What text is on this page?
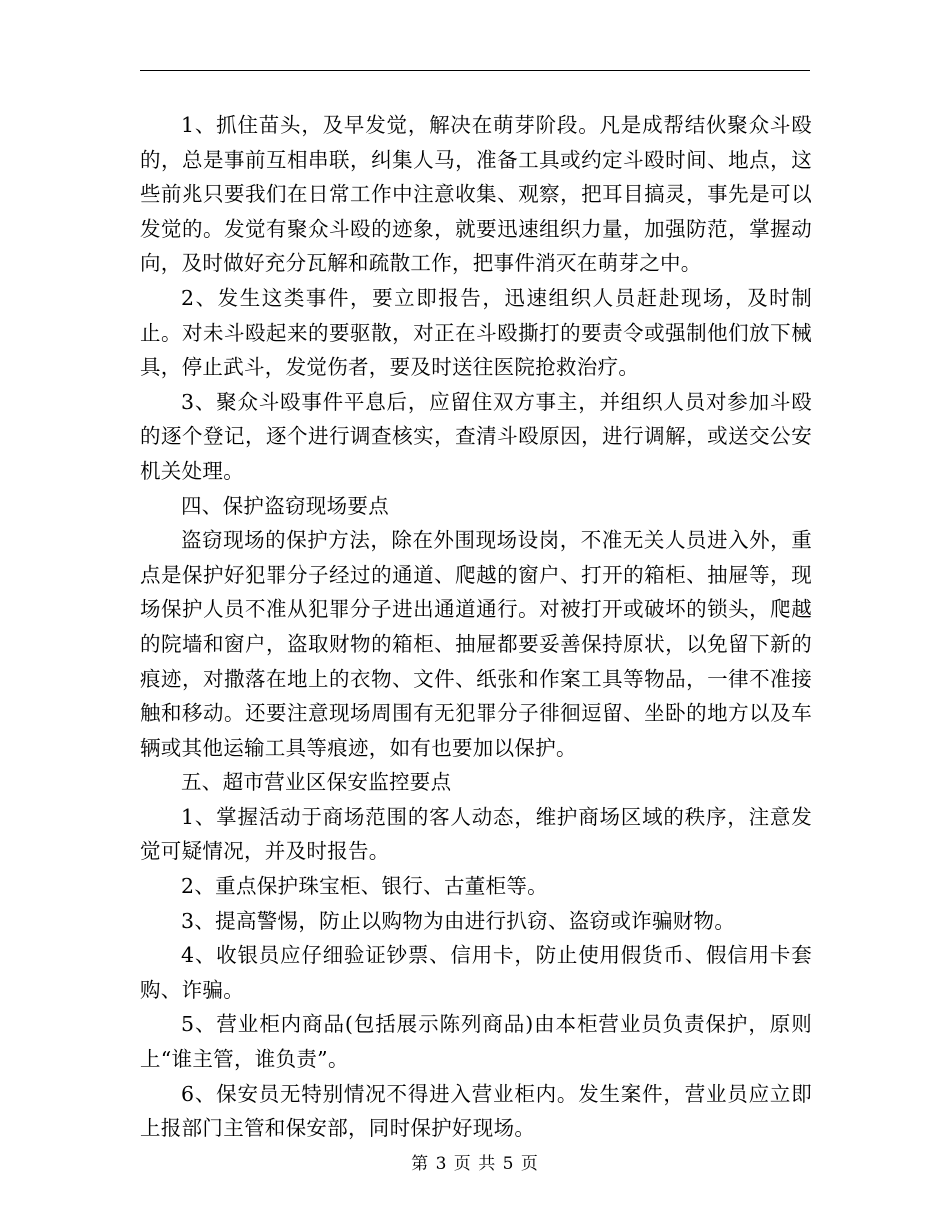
1、抓住苗头，及早发觉，解决在萌芽阶段。凡是成帮结伙聚众斗殴的，总是事前互相串联，纠集人马，准备工具或约定斗殴时间、地点，这些前兆只要我们在日常工作中注意收集、观察，把耳目搞灵，事先是可以发觉的。发觉有聚众斗殴的迹象，就要迅速组织力量，加强防范，掌握动向，及时做好充分瓦解和疏散工作，把事件消灭在萌芽之中。

2、发生这类事件，要立即报告，迅速组织人员赶赴现场，及时制止。对未斗殴起来的要驱散，对正在斗殴撕打的要责令或强制他们放下械具，停止武斗，发觉伤者，要及时送往医院抢救治疗。

3、聚众斗殴事件平息后，应留住双方事主，并组织人员对参加斗殴的逐个登记，逐个进行调查核实，查清斗殴原因，进行调解，或送交公安机关处理。

四、保护盗窃现场要点

盗窃现场的保护方法，除在外围现场设岗，不准无关人员进入外，重点是保护好犯罪分子经过的通道、爬越的窗户、打开的箱柜、抽屉等，现场保护人员不准从犯罪分子进出通道通行。对被打开或破坏的锁头，爬越的院墙和窗户，盗取财物的箱柜、抽屉都要妥善保持原状，以免留下新的痕迹，对撒落在地上的衣物、文件、纸张和作案工具等物品，一律不准接触和移动。还要注意现场周围有无犯罪分子徘徊逗留、坐卧的地方以及车辆或其他运输工具等痕迹，如有也要加以保护。

五、超市营业区保安监控要点

1、掌握活动于商场范围的客人动态，维护商场区域的秩序，注意发觉可疑情况，并及时报告。

2、重点保护珠宝柜、银行、古董柜等。

3、提高警惕，防止以购物为由进行扒窃、盗窃或诈骗财物。

4、收银员应仔细验证钞票、信用卡，防止使用假货币、假信用卡套购、诈骗。

5、营业柜内商品(包括展示陈列商品)由本柜营业员负责保护，原则上“谁主管，谁负责”。

6、保安员无特别情况不得进入营业柜内。发生案件，营业员应立即上报部门主管和保安部，同时保护好现场。

第 3 页 共 5 页
